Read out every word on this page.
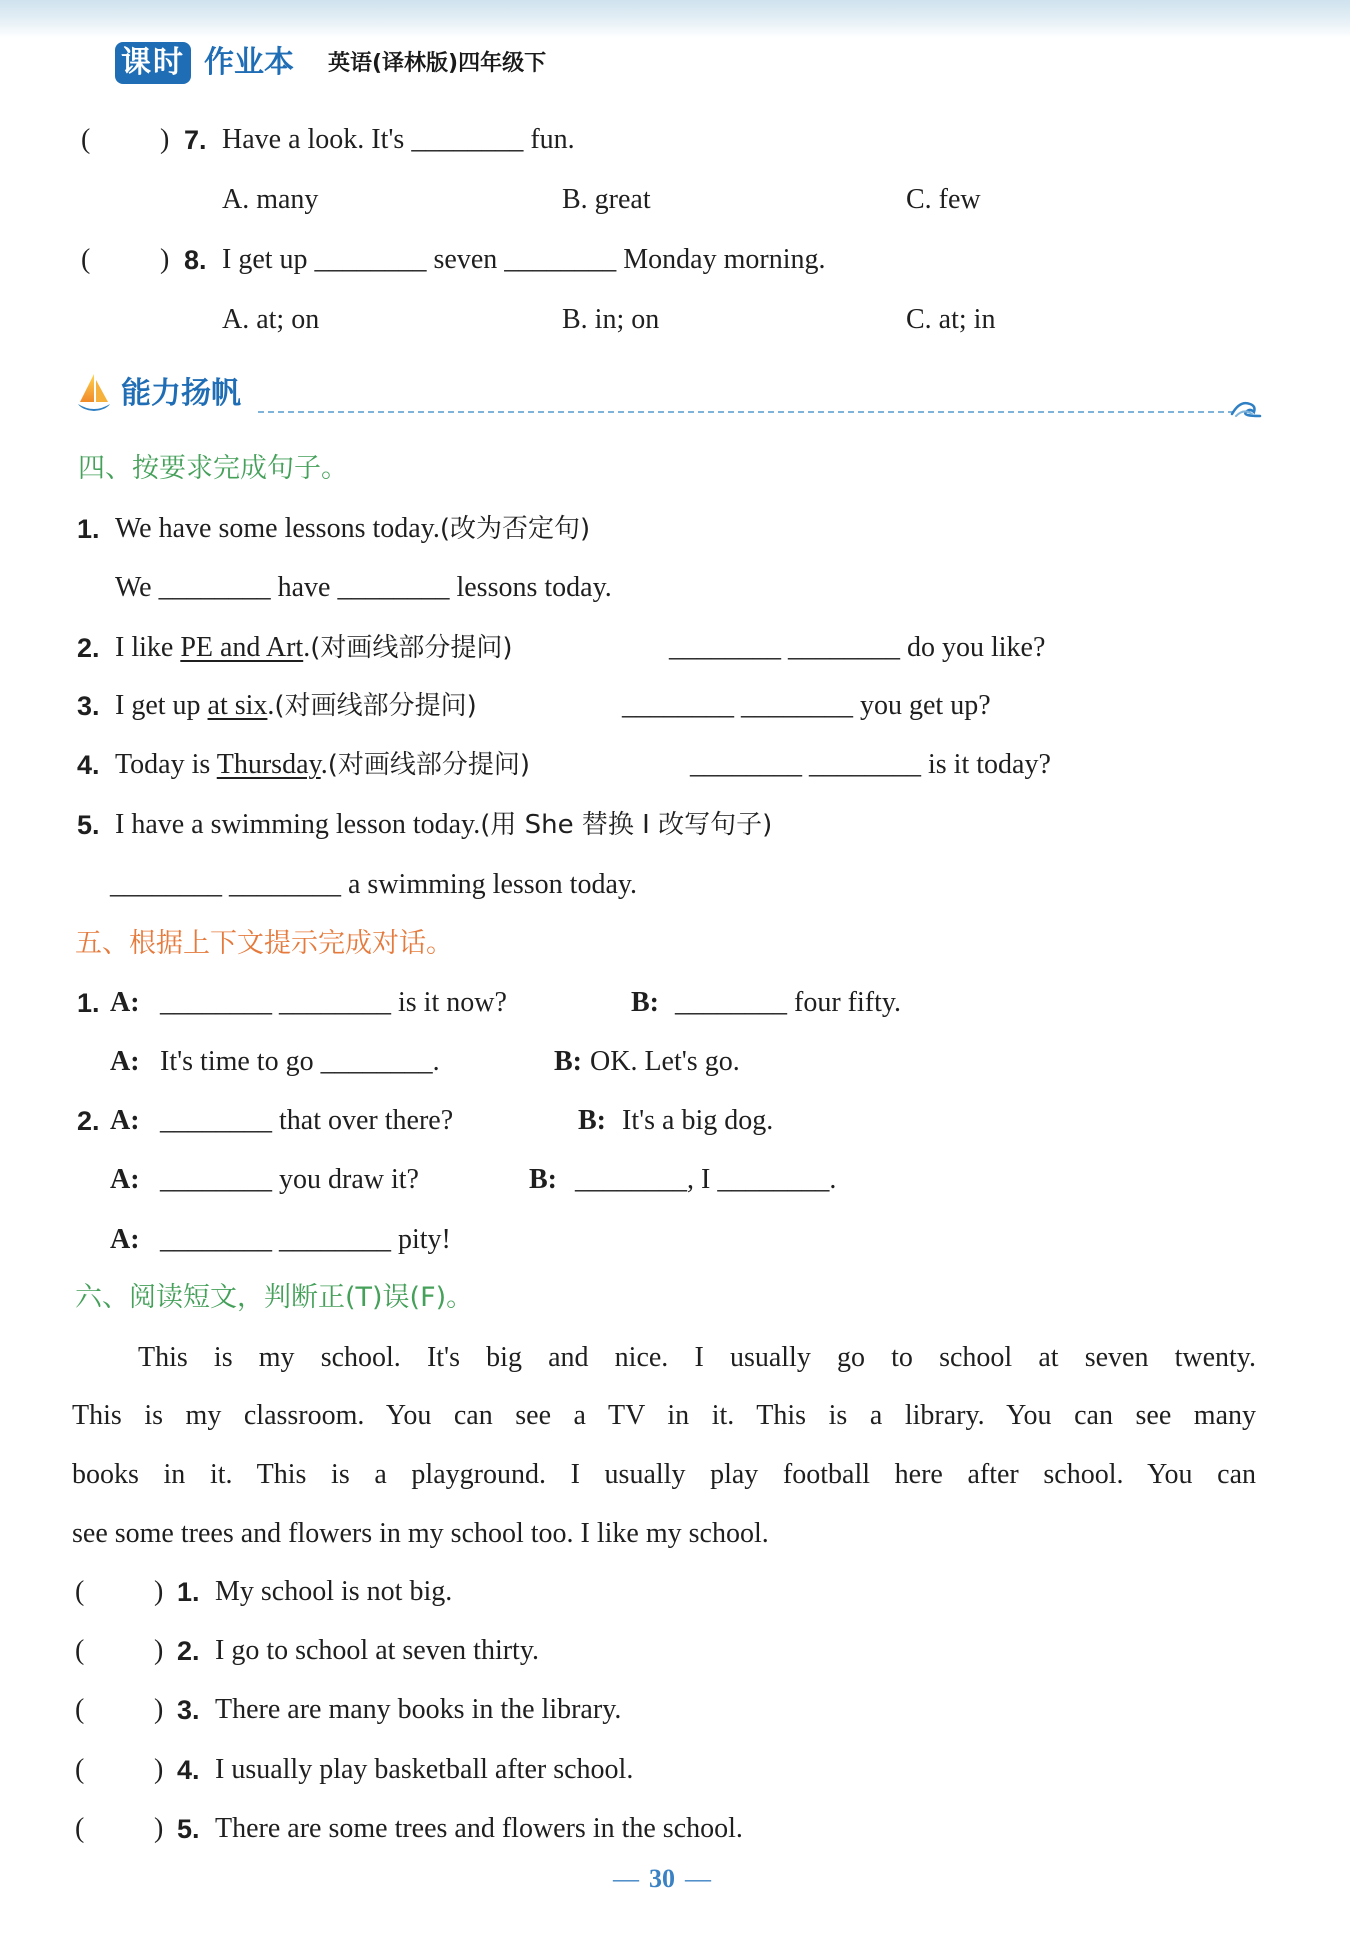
课时 作业本 英语(译林版)四年级下
( ) 7. Have a look. It's ________ fun.
A. many	B. great	C. few
( ) 8. I get up ________ seven ________ Monday morning.
A. at; on	B. in; on	C. at; in
能力扬帆
四、按要求完成句子。
1. We have some lessons today.(改为否定句)
We ________ have ________ lessons today.
2. I like PE and Art.(对画线部分提问)	________ ________ do you like?
3. I get up at six.(对画线部分提问)	________ ________ you get up?
4. Today is Thursday.(对画线部分提问)	________ ________ is it today?
5. I have a swimming lesson today.(用 She 替换 I 改写句子)
________ ________ a swimming lesson today.
五、根据上下文提示完成对话。
1. A: ________ ________ is it now?	B: ________ four fifty.
A: It's time to go ________.	B: OK. Let's go.
2. A: ________ that over there?	B: It's a big dog.
A: ________ you draw it?	B: ________, I ________.
A: ________ ________ pity!
六、阅读短文，判断正(T)误(F)。
This is my school. It's big and nice. I usually go to school at seven twenty.
This is my classroom. You can see a TV in it. This is a library. You can see many
books in it. This is a playground. I usually play football here after school. You can
see some trees and flowers in my school too. I like my school.
( ) 1. My school is not big.
( ) 2. I go to school at seven thirty.
( ) 3. There are many books in the library.
( ) 4. I usually play basketball after school.
( ) 5. There are some trees and flowers in the school.
— 30 —
